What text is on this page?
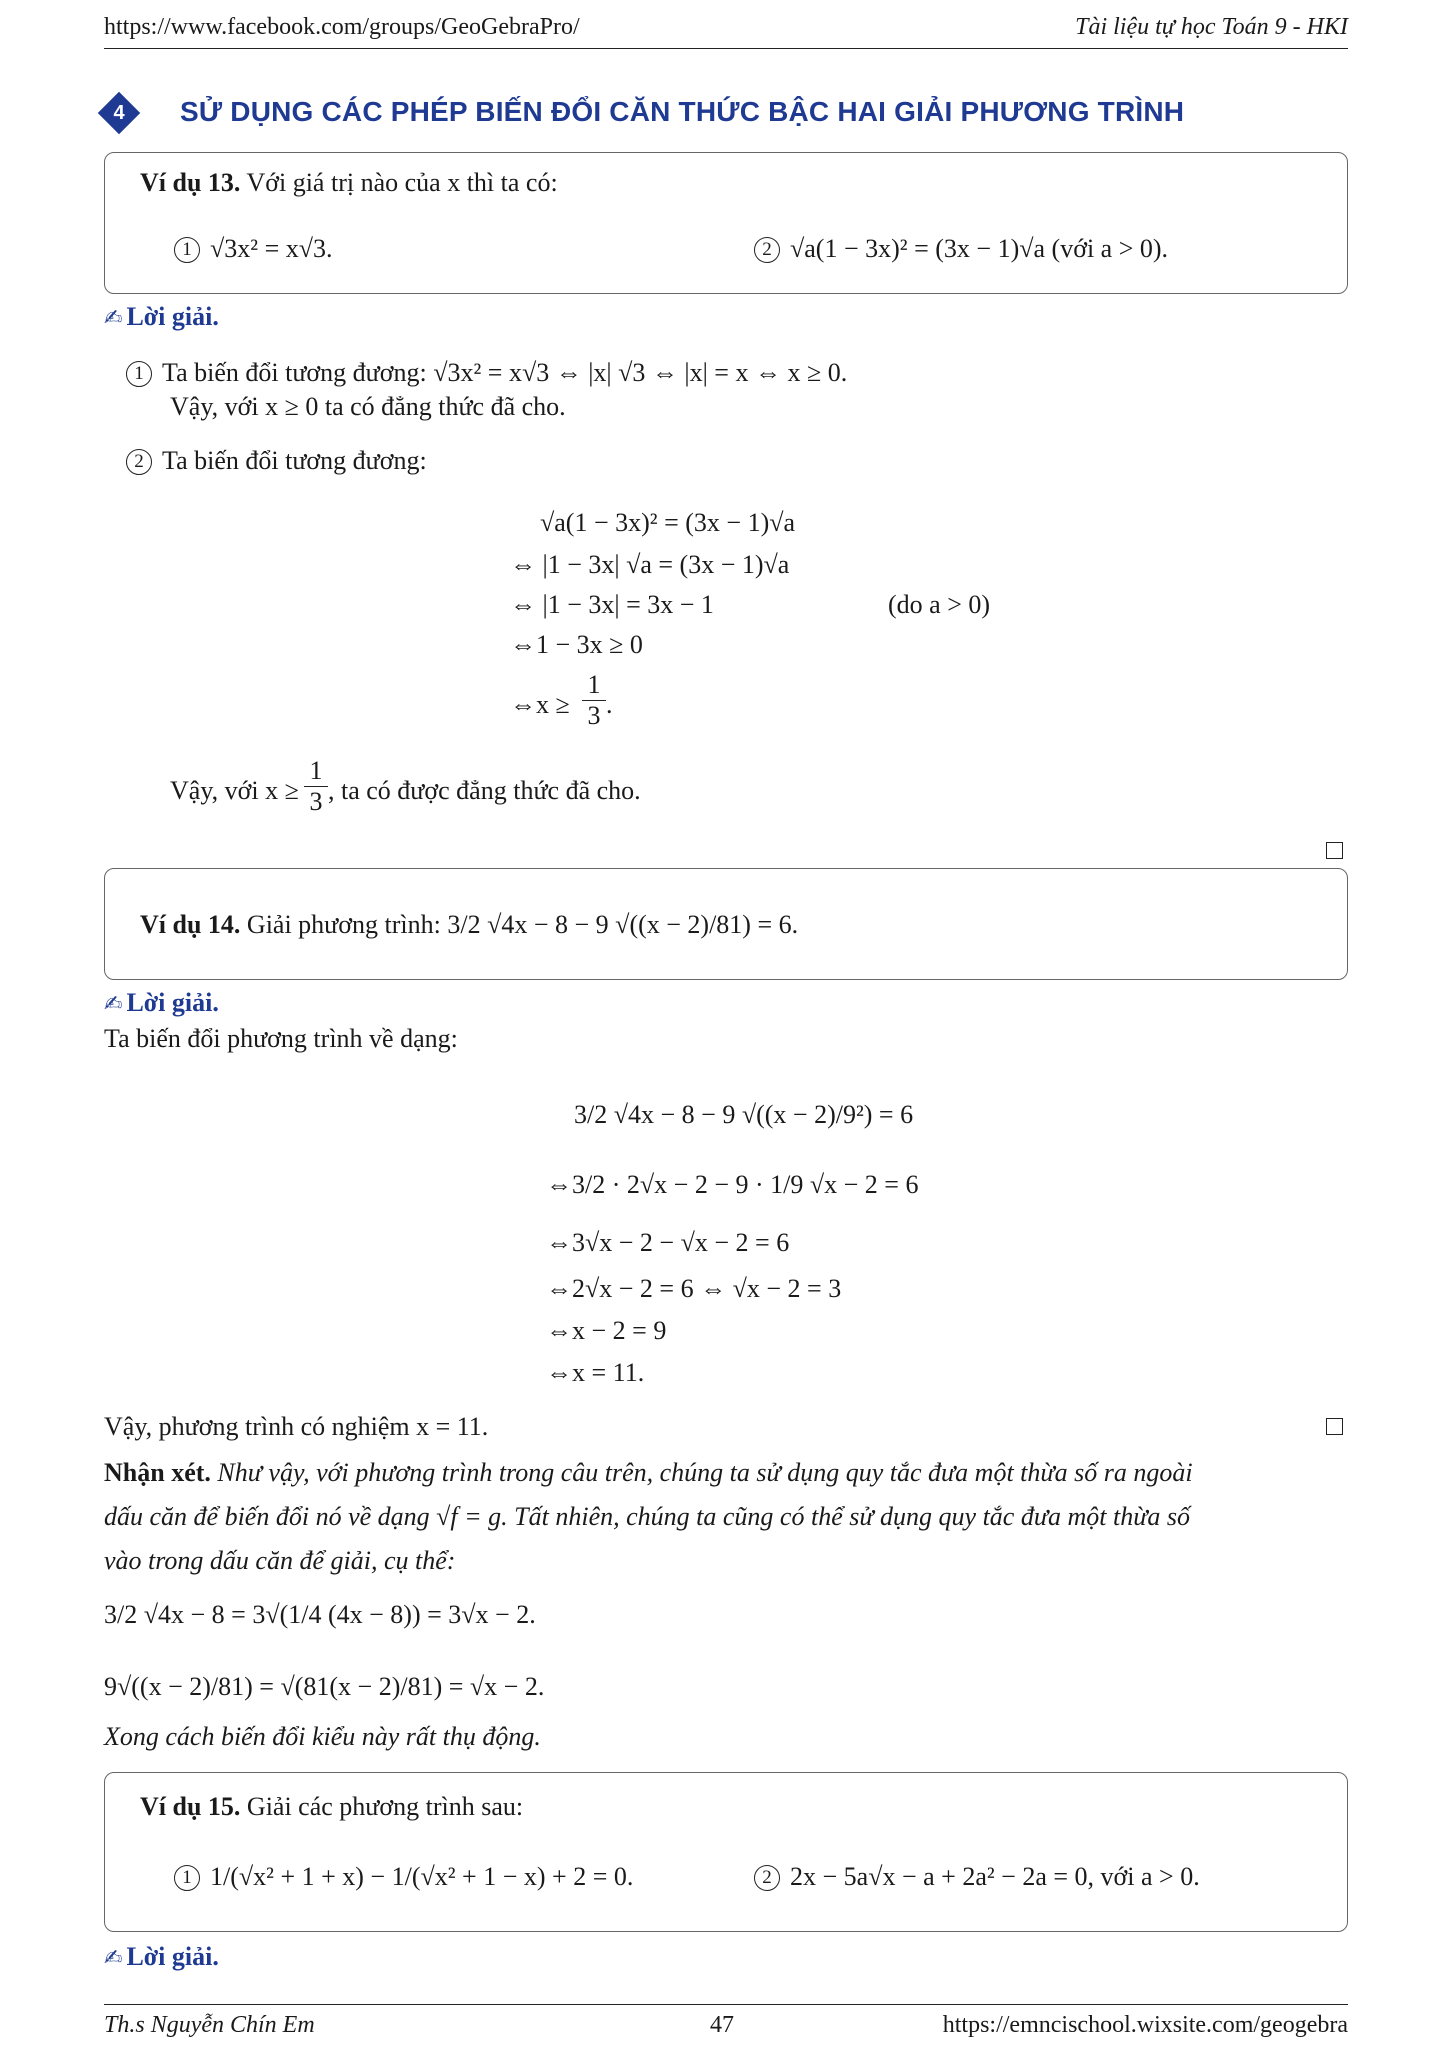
https://www.facebook.com/groups/GeoGebraPro/	Tài liệu tự học Toán 9 - HKI
4	SỬ DỤNG CÁC PHÉP BIẾN ĐỔI CĂN THỨC BẬC HAI GIẢI PHƯƠNG TRÌNH
Ví dụ 13. Với giá trị nào của x thì ta có:
1 √3x² = x√3.	2 √a(1 − 3x)² = (3x − 1)√a (với a > 0).
✍ Lời giải.
1 Ta biến đổi tương đương: √3x² = x√3 ⇔ |x| √3 ⇔ |x| = x ⇔ x ≥ 0.
Vậy, với x ≥ 0 ta có đẳng thức đã cho.
2 Ta biến đổi tương đương:
√a(1 − 3x)² = (3x − 1)√a
⇔ |1 − 3x| √a = (3x − 1)√a
⇔ |1 − 3x| = 3x − 1	(do a > 0)
⇔1 − 3x ≥ 0
⇔x ≥ $\frac{1}{3}$ .
Vậy, với $x \ge \frac{1}{3}$ , ta có được đẳng thức đã cho.
Ví dụ 14. Giải phương trình: 3/2 √4x − 8 − 9 √((x − 2)/81) = 6.
✍ Lời giải.
Ta biến đổi phương trình về dạng:
3/2 √4x − 8 − 9 √((x − 2)/9²) = 6
⇔3/2 · 2√x − 2 − 9 · 1/9 √x − 2 = 6
⇔3√x − 2 − √x − 2 = 6
⇔2√x − 2 = 6 ⇔ √x − 2 = 3
⇔x − 2 = 9
⇔x = 11.
Vậy, phương trình có nghiệm x = 11.
Nhận xét. Như vậy, với phương trình trong câu trên, chúng ta sử dụng quy tắc đưa một thừa số ra ngoài
dấu căn để biến đổi nó về dạng √f = g. Tất nhiên, chúng ta cũng có thể sử dụng quy tắc đưa một thừa số
vào trong dấu căn để giải, cụ thể:
3/2 √4x − 8 = 3√(1/4 (4x − 8)) = 3√x − 2.
9√((x − 2)/81) = √(81(x − 2)/81) = √x − 2.
Xong cách biến đổi kiểu này rất thụ động.
Ví dụ 15. Giải các phương trình sau:
1 1/(√x² + 1 + x) − 1/(√x² + 1 − x) + 2 = 0.	2 2x − 5a√x − a + 2a² − 2a = 0, với a > 0.
✍ Lời giải.
Th.s Nguyễn Chín Em	47	https://emncischool.wixsite.com/geogebra
